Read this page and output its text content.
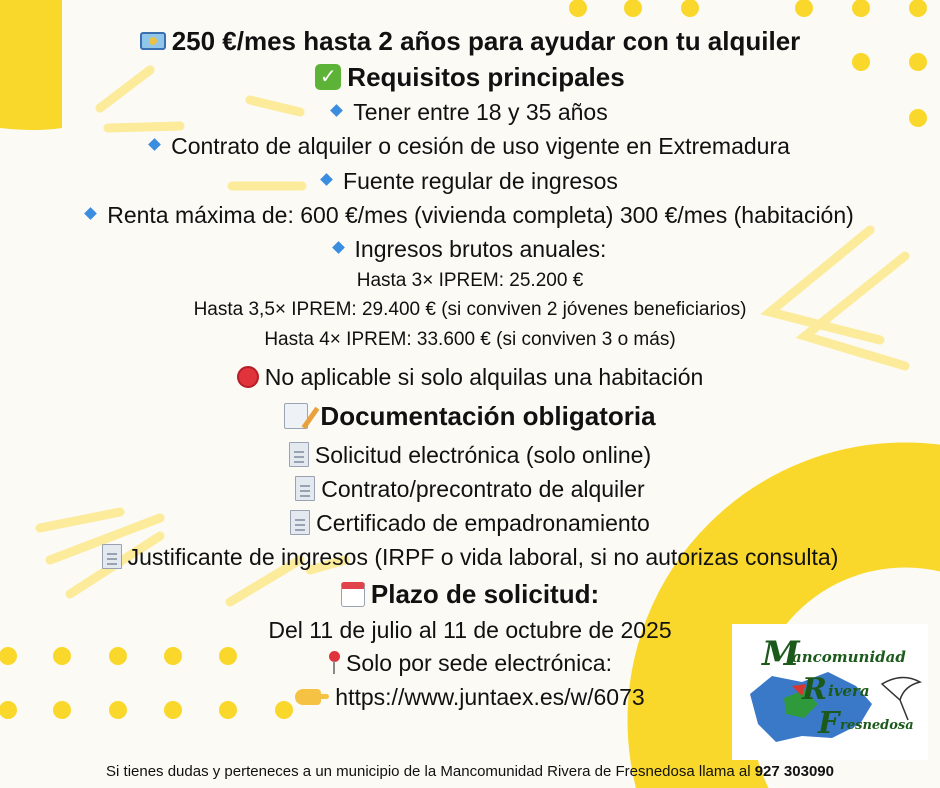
250 €/mes hasta 2 años para ayudar con tu alquiler
✓ Requisitos principales
Tener entre 18 y 35 años
Contrato de alquiler o cesión de uso vigente en Extremadura
Fuente regular de ingresos
Renta máxima de: 600 €/mes (vivienda completa) 300 €/mes (habitación)
Ingresos brutos anuales:
Hasta 3× IPREM: 25.200 €
Hasta 3,5× IPREM: 29.400 € (si conviven 2 jóvenes beneficiarios)
Hasta 4× IPREM: 33.600 € (si conviven 3 o más)
No aplicable si solo alquilas una habitación
Documentación obligatoria
Solicitud electrónica (solo online)
Contrato/precontrato de alquiler
Certificado de empadronamiento
Justificante de ingresos (IRPF o vida laboral, si no autorizas consulta)
Plazo de solicitud:
Del 11 de julio al 11 de octubre de 2025
Solo por sede electrónica:
https://www.juntaex.es/w/6073
M
ancomunidad
R ivera
F resnedosa
Si tienes dudas y perteneces a un municipio de la Mancomunidad Rivera de Fresnedosa llama al 927 303090
